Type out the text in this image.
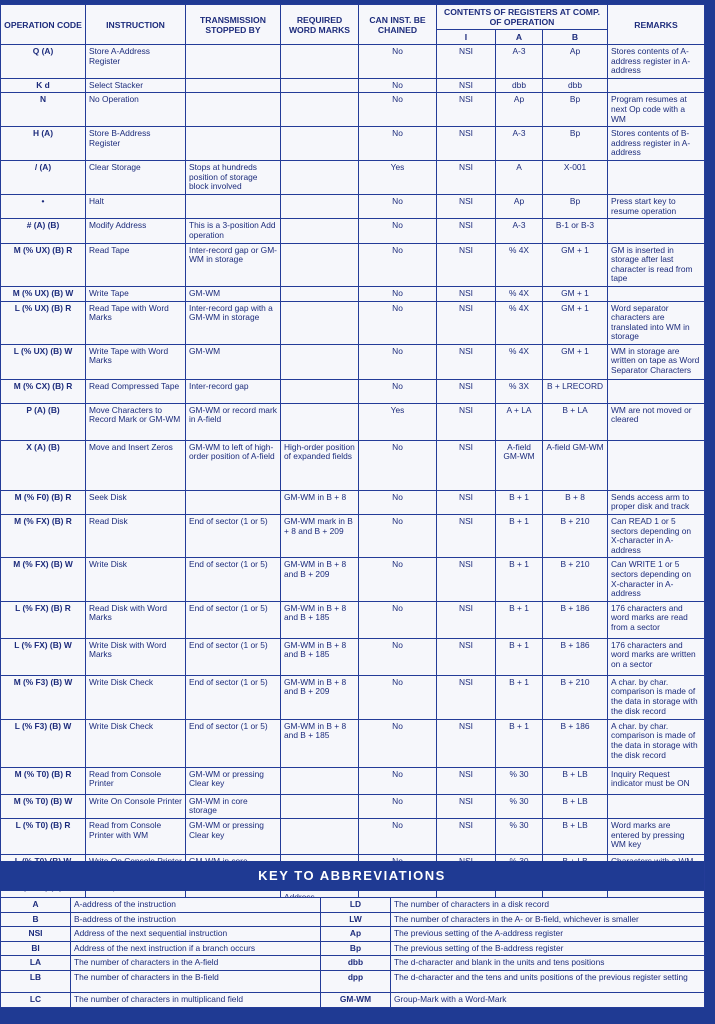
OPERATION CODE	INSTRUCTION	TRANSMISSION STOPPED BY	REQUIRED WORD MARKS	CAN INST. BE CHAINED	CONTENTS OF REGISTERS AT COMP. OF OPERATION			REMARKS
					I	A	B	
Q (A)	Store A-Address Register			No	NSI	A-3	Ap	Stores contents of A-address register in A-address
K d	Select Stacker			No	NSI	dbb	dbb	
N	No Operation			No	NSI	Ap	Bp	Program resumes at next Op code with a WM
H (A)	Store B-Address Register			No	NSI	A-3	Bp	Stores contents of B-address register in A-address
/ (A)	Clear Storage	Stops at hundreds position of storage block involved		Yes	NSI	A	X-001	
•	Halt			No	NSI	Ap	Bp	Press start key to resume operation
# (A) (B)	Modify Address	This is a 3-position Add operation		No	NSI	A-3	B-1 or B-3	
M (% UX) (B) R	Read Tape	Inter-record gap or GM-WM in storage		No	NSI	% 4X	GM + 1	GM is inserted in storage after last character is read from tape
M (% UX) (B) W	Write Tape	GM-WM		No	NSI	% 4X	GM + 1	
L (% UX) (B) R	Read Tape with Word Marks	Inter-record gap with a GM-WM in storage		No	NSI	% 4X	GM + 1	Word separator characters are translated into WM in storage
L (% UX) (B) W	Write Tape with Word Marks	GM-WM		No	NSI	% 4X	GM + 1	WM in storage are written on tape as Word Separator Characters
M (% CX) (B) R	Read Compressed Tape	Inter-record gap		No	NSI	% 3X	B + LRECORD	
P (A) (B)	Move Characters to Record Mark or GM-WM	GM-WM or record mark in A-field		Yes	NSI	A + LA	B + LA	WM are not moved or cleared
X (A) (B)	Move and Insert Zeros	GM-WM to left of high-order position of A-field	High-order position of expanded fields	No	NSI	A-field GM-WM	A-field GM-WM	
M (% F0) (B) R	Seek Disk		GM-WM in B + 8	No	NSI	B + 1	B + 8	Sends access arm to proper disk and track
M (% FX) (B) R	Read Disk	End of sector (1 or 5)	GM-WM mark in B + 8 and B + 209	No	NSI	B + 1	B + 210	Can READ 1 or 5 sectors depending on X-character in A-address
M (% FX) (B) W	Write Disk	End of sector (1 or 5)	GM-WM in B + 8 and B + 209	No	NSI	B + 1	B + 210	Can WRITE 1 or 5 sectors depending on X-character in A-address
L (% FX) (B) R	Read Disk with Word Marks	End of sector (1 or 5)	GM-WM in B + 8 and B + 185	No	NSI	B + 1	B + 186	176 characters and word marks are read from a sector
L (% FX) (B) W	Write Disk with Word Marks	End of sector (1 or 5)	GM-WM in B + 8 and B + 185	No	NSI	B + 1	B + 186	176 characters and word marks are written on a sector
M (% F3) (B) W	Write Disk Check	End of sector (1 or 5)	GM-WM in B + 8 and B + 209	No	NSI	B + 1	B + 210	A char. by char. comparison is made of the data in storage with the disk record
L (% F3) (B) W	Write Disk Check	End of sector (1 or 5)	GM-WM in B + 8 and B + 185	No	NSI	B + 1	B + 186	A char. by char. comparison is made of the data in storage with the disk record
M (% T0) (B) R	Read from Console Printer	GM-WM or pressing Clear key		No	NSI	% 30	B + LB	Inquiry Request indicator must be ON
M (% T0) (B) W	Write On Console Printer	GM-WM in core storage		No	NSI	% 30	B + LB	
L (% T0) (B) R	Read from Console Printer with WM	GM-WM or pressing Clear key		No	NSI	% 30	B + LB	Word marks are entered by pressing WM key

KEY TO ABBREVIATIONS
A	A-address of the instruction	LD	The number of characters in a disk record
B	B-address of the instruction	LW	The number of characters in the A- or B-field, whichever is smaller
NSI	Address of the next sequential instruction	Ap	The previous setting of the A-address register
BI	Address of the next instruction if a branch occurs	Bp	The previous setting of the B-address register
LA	The number of characters in the A-field	dbb	The d-character and blank in the units and tens positions
LB	The number of characters in the B-field	dpp	The d-character and the tens and units positions of the previous register setting
LC	The number of characters in multiplicand field	GM-WM	Group-Mark with a Word-Mark
